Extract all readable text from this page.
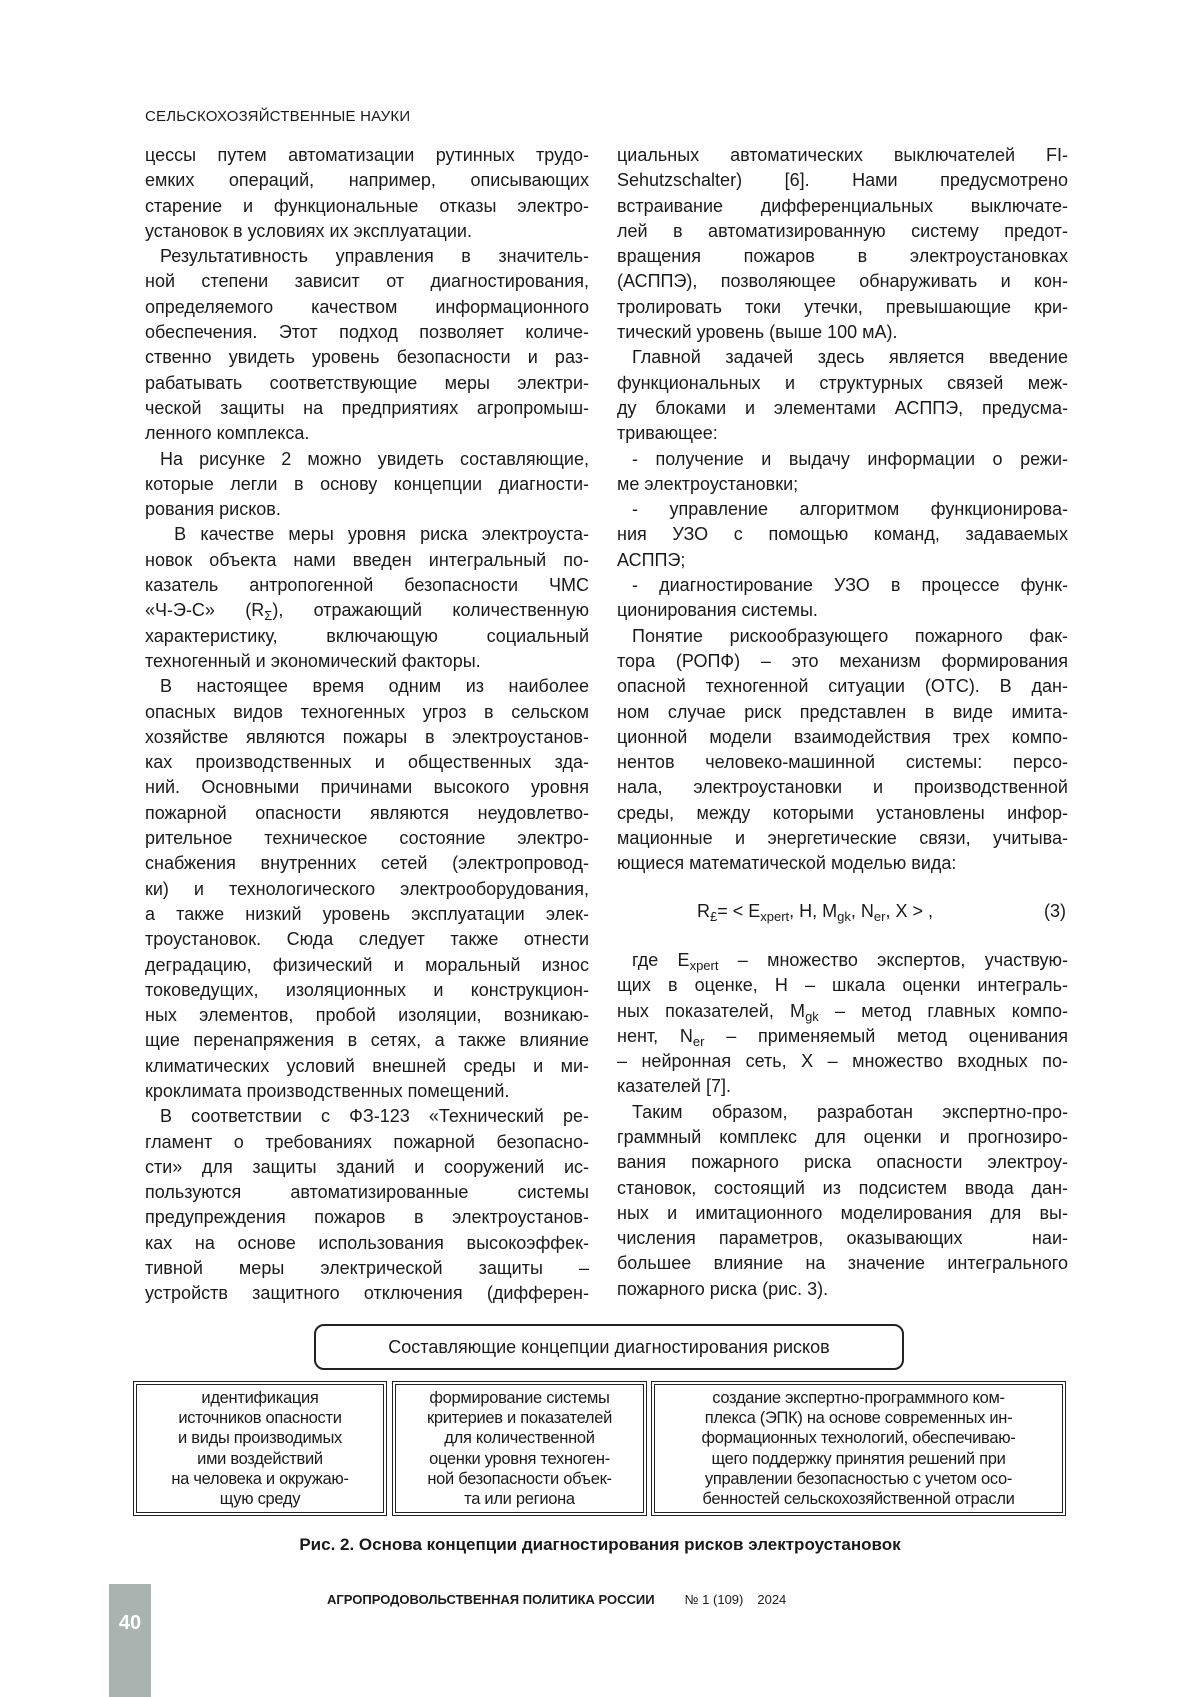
СЕЛЬСКОХОЗЯЙСТВЕННЫЕ НАУКИ
цессы путем автоматизации рутинных трудо-
емких операций, например, описывающих
старение и функциональные отказы электро-
установок в условиях их эксплуатации.
Результативность управления в значитель-
ной степени зависит от диагностирования,
определяемого качеством информационного
обеспечения. Этот подход позволяет количе-
ственно увидеть уровень безопасности и раз-
рабатывать соответствующие меры электри-
ческой защиты на предприятиях агропромыш-
ленного комплекса.
На рисунке 2 можно увидеть составляющие,
которые легли в основу концепции диагности-
рования рисков.
В качестве меры уровня риска электроуста-
новок объекта нами введен интегральный по-
казатель антропогенной безопасности ЧМС
«Ч-Э-С» (RΣ), отражающий количественную
характеристику, включающую социальный
техногенный и экономический факторы.
В настоящее время одним из наиболее
опасных видов техногенных угроз в сельском
хозяйстве являются пожары в электроустанов-
ках производственных и общественных зда-
ний. Основными причинами высокого уровня
пожарной опасности являются неудовлетво-
рительное техническое состояние электро-
снабжения внутренних сетей (электропровод-
ки) и технологического электрооборудования,
а также низкий уровень эксплуатации элек-
троустановок. Сюда следует также отнести
деградацию, физический и моральный износ
токоведущих, изоляционных и конструкцион-
ных элементов, пробой изоляции, возникаю-
щие перенапряжения в сетях, а также влияние
климатических условий внешней среды и ми-
кроклимата производственных помещений.
В соответствии с ФЗ-123 «Технический ре-
гламент о требованиях пожарной безопасно-
сти» для защиты зданий и сооружений ис-
пользуются автоматизированные системы
предупреждения пожаров в электроустанов-
ках на основе использования высокоэффек-
тивной меры электрической защиты –
устройств защитного отключения (дифферен-
циальных автоматических выключателей FI-
Sehutzschalter) [6]. Нами предусмотрено
встраивание дифференциальных выключате-
лей в автоматизированную систему предот-
вращения пожаров в электроустановках
(АСППЭ), позволяющее обнаруживать и кон-
тролировать токи утечки, превышающие кри-
тический уровень (выше 100 мА).
Главной задачей здесь является введение
функциональных и структурных связей меж-
ду блоками и элементами АСППЭ, предусма-
тривающее:
- получение и выдачу информации о режи-
ме электроустановки;
- управление алгоритмом функционирова-
ния УЗО с помощью команд, задаваемых
АСППЭ;
- диагностирование УЗО в процессе функ-
ционирования системы.
Понятие рискообразующего пожарного фак-
тора (РОПФ) – это механизм формирования
опасной техногенной ситуации (ОТС). В дан-
ном случае риск представлен в виде имита-
ционной модели взаимодействия трех компо-
нентов человеко-машинной системы: персо-
нала, электроустановки и производственной
среды, между которыми установлены инфор-
мационные и энергетические связи, учитыва-
ющиеся математической моделью вида:
R£= < Expert, H, Mgk, Ner, X > ,	(3)
где Expert – множество экспертов, участвую-
щих в оценке, H – шкала оценки интеграль-
ных показателей, Mgk – метод главных компо-
нент, Ner – применяемый метод оценивания
– нейронная сеть, X – множество входных по-
казателей [7].
Таким образом, разработан экспертно-про-
граммный комплекс для оценки и прогнозиро-
вания пожарного риска опасности электроу-
становок, состоящий из подсистем ввода дан-
ных и имитационного моделирования для вы-
числения параметров, оказывающих   наи-
большее влияние на значение интегрального
пожарного риска (рис. 3).
Составляющие концепции диагностирования рисков
идентификация
источников опасности
и виды производимых
ими воздействий
на человека и окружаю-
щую среду
формирование системы
критериев и показателей
для количественной
оценки уровня техноген-
ной безопасности объек-
та или региона
создание экспертно-программного ком-
плекса (ЭПК) на основе современных ин-
формационных технологий, обеспечиваю-
щего поддержку принятия решений при
управлении безопасностью с учетом осо-
бенностей сельскохозяйственной отрасли
Рис. 2. Основа концепции диагностирования рисков электроустановок
40
АГРОПРОДОВОЛЬСТВЕННАЯ ПОЛИТИКА РОССИИ № 1 (109) 2024
